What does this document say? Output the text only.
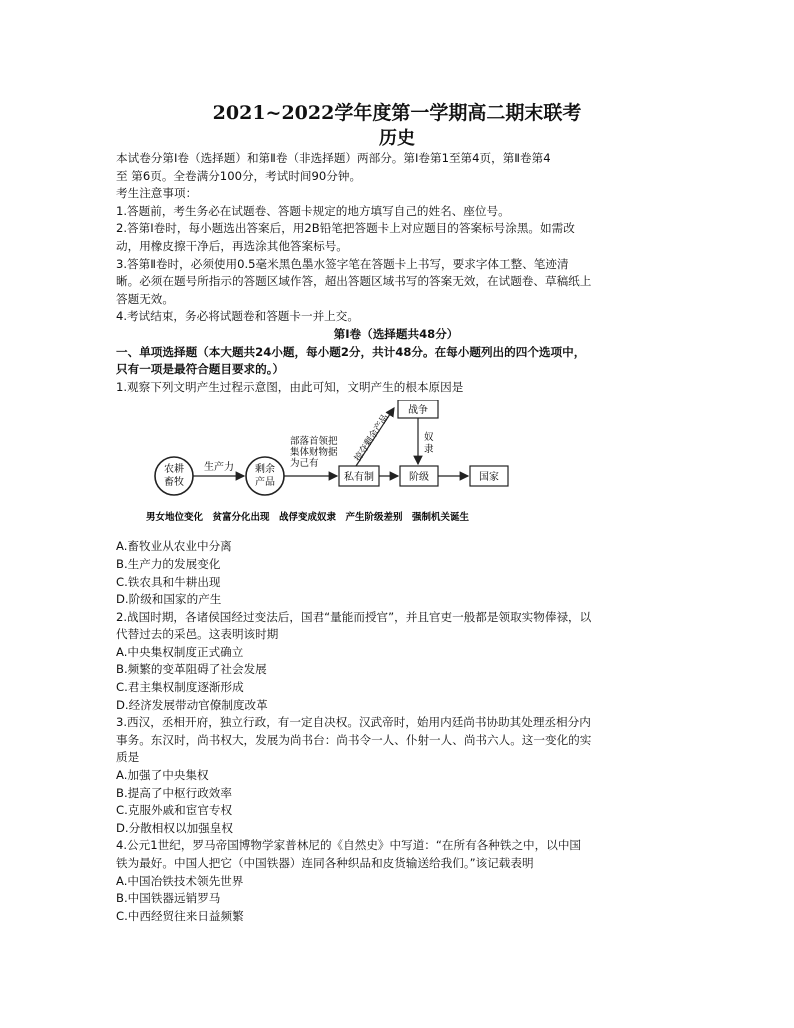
2021~2022学年度第一学期高二期末联考
历史

本试卷分第Ⅰ卷（选择题）和第Ⅱ卷（非选择题）两部分。第Ⅰ卷第1至第4页，第Ⅱ卷第4

至 第6页。全卷满分100分，考试时间90分钟。

考生注意事项：

1.答题前，考生务必在试题卷、答题卡规定的地方填写自己的姓名、座位号。

2.答第Ⅰ卷时，每小题选出答案后，用2B铅笔把答题卡上对应题目的答案标号涂黑。如需改

动，用橡皮擦干净后，再选涂其他答案标号。

3.答第Ⅱ卷时，必须使用0.5毫米黑色墨水签字笔在答题卡上书写，要求字体工整、笔迹清

晰。必须在题号所指示的答题区域作答，超出答题区域书写的答案无效，在试题卷、草稿纸上

答题无效。

4.考试结束，务必将试题卷和答题卡一并上交。

第Ⅰ卷（选择题共48分）

一、单项选择题（本大题共24小题，每小题2分，共计48分。在每小题列出的四个选项中，

只有一项是最符合题目要求的。）

1.观察下列文明产生过程示意图，由此可知，文明产生的根本原因是

农耕
畜牧
剩余
产品
生产力
部落首领把
集体财物据
为己有
私有制
掠夺剩余产品
战争
奴
隶
阶级	国家
男女地位变化　贫富分化出现　战俘变成奴隶　产生阶级差别　强制机关诞生

A.畜牧业从农业中分离

B.生产力的发展变化

C.铁农具和牛耕出现

D.阶级和国家的产生

2.战国时期，各诸侯国经过变法后，国君“量能而授官”，并且官吏一般都是领取实物俸禄，以

代替过去的采邑。这表明该时期

A.中央集权制度正式确立

B.频繁的变革阻碍了社会发展

C.君主集权制度逐渐形成

D.经济发展带动官僚制度改革

3.西汉，丞相开府，独立行政，有一定自决权。汉武帝时，始用内廷尚书协助其处理丞相分内

事务。东汉时，尚书权大，发展为尚书台：尚书令一人、仆射一人、尚书六人。这一变化的实

质是

A.加强了中央集权

B.提高了中枢行政效率

C.克服外戚和宦官专权

D.分散相权以加强皇权

4.公元1世纪，罗马帝国博物学家普林尼的《自然史》中写道：“在所有各种铁之中，以中国

铁为最好。中国人把它（中国铁器）连同各种织品和皮货输送给我们。”该记载表明

A.中国冶铁技术领先世界

B.中国铁器远销罗马

C.中西经贸往来日益频繁
